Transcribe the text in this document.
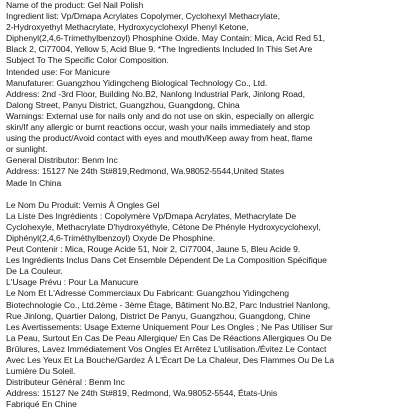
Name of the product: Gel Nail Polish
Ingredient list: Vp/Dmapa Acrylates Copolymer, Cyclohexyl Methacrylate,
2-Hydroxyethyl Methacrylate, Hydroxycyclohexyl Phenyl Ketone,
Diphenyl(2,4,6-Trimethylbenzoyl) Phosphine Oxide. May Contain: Mica, Acid Red 51,
Black 2, Ci77004, Yellow 5, Acid Blue 9. *The Ingredients Included In This Set Are
Subject To The Specific Color Composition.
Intended use: For Manicure
Manufaturer: Guangzhou Yidingcheng Biological Technology Co., Ltd.
Address: 2nd -3rd Floor, Building No.B2, Nanlong Industrial Park, Jinlong Road,
Dalong Street, Panyu District, Guangzhou, Guangdong, China
Warnings: External use for nails only and do not use on skin, especially on allergic
skin/If any allergic or burnt reactions occur, wash your nails immediately and stop
using the product/Avoid contact with eyes and mouth/Keep away from heat, flame
or sunlight.
General Distributor: Benm Inc
Address: 15127 Ne 24th St#819,Redmond, Wa.98052-5544,United States
Made In China
Le Nom Du Produit: Vernis À Ongles Gel
La Liste Des Ingrédients : Copolymère Vp/Dmapa Acrylates, Methacrylate De
Cyclohexyle, Methacrylate D'hydroxyéthyle, Cétone De Phényle Hydroxycyclohexyl,
Diphényl(2,4,6-Triméthylbenzoyl) Oxyde De Phosphine.
Peut Contenir : Mica, Rouge Acide 51, Noir 2, Ci77004, Jaune 5, Bleu Acide 9.
Les Ingrédients Inclus Dans Cet Ensemble Dépendent De La Composition Spécifique
De La Couleur.
L'Usage Prévu : Pour La Manucure
Le Nom Et L'Adresse Commerciaux Du Fabricant: Guangzhou Yidingcheng
Biotechnologie Co., Ltd.2ème - 3ème Étage, Bâtiment No.B2, Parc Industriel Nanlong,
Rue Jinlong, Quartier Dalong, District De Panyu, Guangzhou, Guangdong, Chine
Les Avertissements: Usage Externe Uniquement Pour Les Ongles ; Ne Pas Utiliser Sur
La Peau, Surtout En Cas De Peau Allergique/ En Cas De Réactions Allergiques Ou De
Brûlures, Lavez Immédiatement Vos Ongles Et Arrêtez L'utilisation./Évitez Le Contact
Avec Les Yeux Et La Bouche/Gardez À L'Écart De La Chaleur, Des Flammes Ou De La
Lumière Du Soleil.
Distributeur Général : Benm Inc
Address: 15127 Ne 24th St#819, Redmond, Wa.98052-5544, États-Unis
Fabriqué En Chine
